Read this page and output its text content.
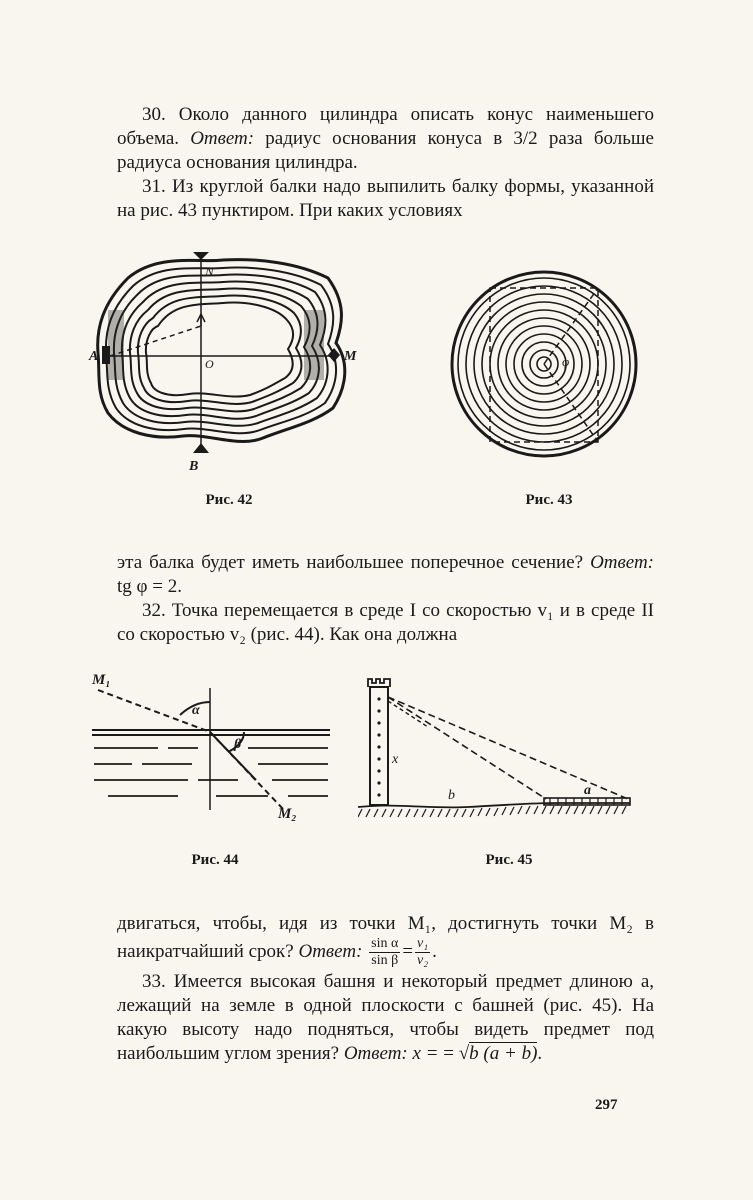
30. Около данного цилиндра описать конус наименьшего объема. Ответ: радиус основания конуса в 3/2 раза больше радиуса основания цилиндра.

31. Из круглой балки надо выпилить балку формы, указанной на рис. 43 пунктиром. При каких условиях

N
A	M
O
B
Рис. 42
φ
Рис. 43

эта балка будет иметь наибольшее поперечное сечение? Ответ: tg φ = 2.

32. Точка перемещается в среде I со скоростью v₁ и в среде II со скоростью v₂ (рис. 44). Как она должна

M₁
M₂
α
β
Рис. 44
x
b	a
Рис. 45

двигаться, чтобы, идя из точки M₁, достигнуть точки M₂ в наикратчайший срок? Ответ: $\frac{\text{sin α}}{\text{sin β}} = \frac{\text{v₁}}{\text{v₂}}$ .

33. Имеется высокая башня и некоторый предмет длиною a, лежащий на земле в одной плоскости с башней (рис. 45). На какую высоту надо подняться, чтобы видеть предмет под наибольшим углом зрения? Ответ: x = = √b (a + b).

297
